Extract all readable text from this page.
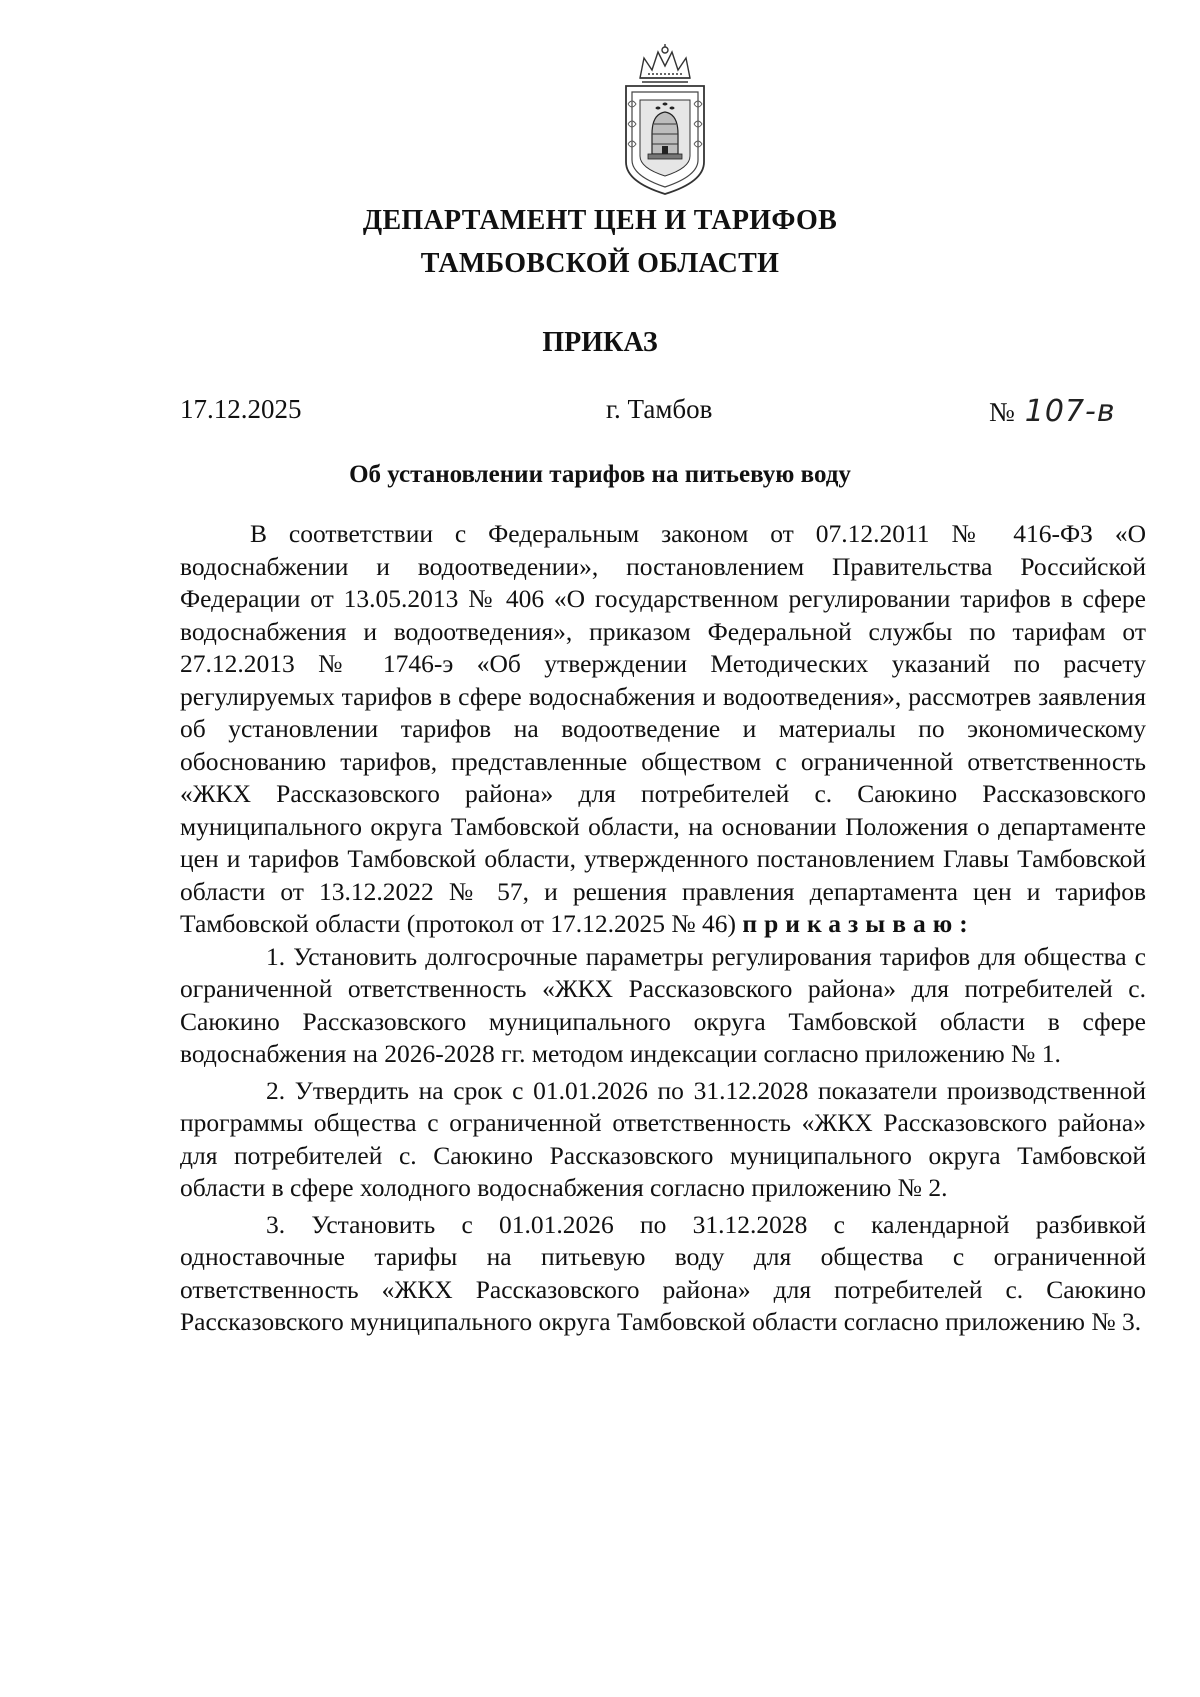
ДЕПАРТАМЕНТ ЦЕН И ТАРИФОВ
ТАМБОВСКОЙ ОБЛАСТИ
ПРИКАЗ
17.12.2025	г. Тамбов	№ 107-в
Об установлении тарифов на питьевую воду

В соответствии с Федеральным законом от 07.12.2011 № 416-ФЗ «О водоснабжении и водоотведении», постановлением Правительства Российской Федерации от 13.05.2013 № 406 «О государственном регулировании тарифов в сфере водоснабжения и водоотведения», приказом Федеральной службы по тарифам от 27.12.2013 № 1746-э «Об утверждении Методических указаний по расчету регулируемых тарифов в сфере водоснабжения и водоотведения», рассмотрев заявления об установлении тарифов на водоотведение и материалы по экономическому обоснованию тарифов, представленные обществом с ограниченной ответственность «ЖКХ Рассказовского района» для потребителей с. Саюкино Рассказовского муниципального округа Тамбовской области, на основании Положения о департаменте цен и тарифов Тамбовской области, утвержденного постановлением Главы Тамбовской области от 13.12.2022 № 57, и решения правления департамента цен и тарифов Тамбовской области (протокол от 17.12.2025 № 46) приказываю:

1. Установить долгосрочные параметры регулирования тарифов для общества с ограниченной ответственность «ЖКХ Рассказовского района» для потребителей с. Саюкино Рассказовского муниципального округа Тамбовской области в сфере водоснабжения на 2026-2028 гг. методом индексации согласно приложению № 1.

2. Утвердить на срок с 01.01.2026 по 31.12.2028 показатели производственной программы общества с ограниченной ответственность «ЖКХ Рассказовского района» для потребителей с. Саюкино Рассказовского муниципального округа Тамбовской области в сфере холодного водоснабжения согласно приложению № 2.

3. Установить с 01.01.2026 по 31.12.2028 с календарной разбивкой одноставочные тарифы на питьевую воду для общества с ограниченной ответственность «ЖКХ Рассказовского района» для потребителей с. Саюкино Рассказовского муниципального округа Тамбовской области согласно приложению № 3.
